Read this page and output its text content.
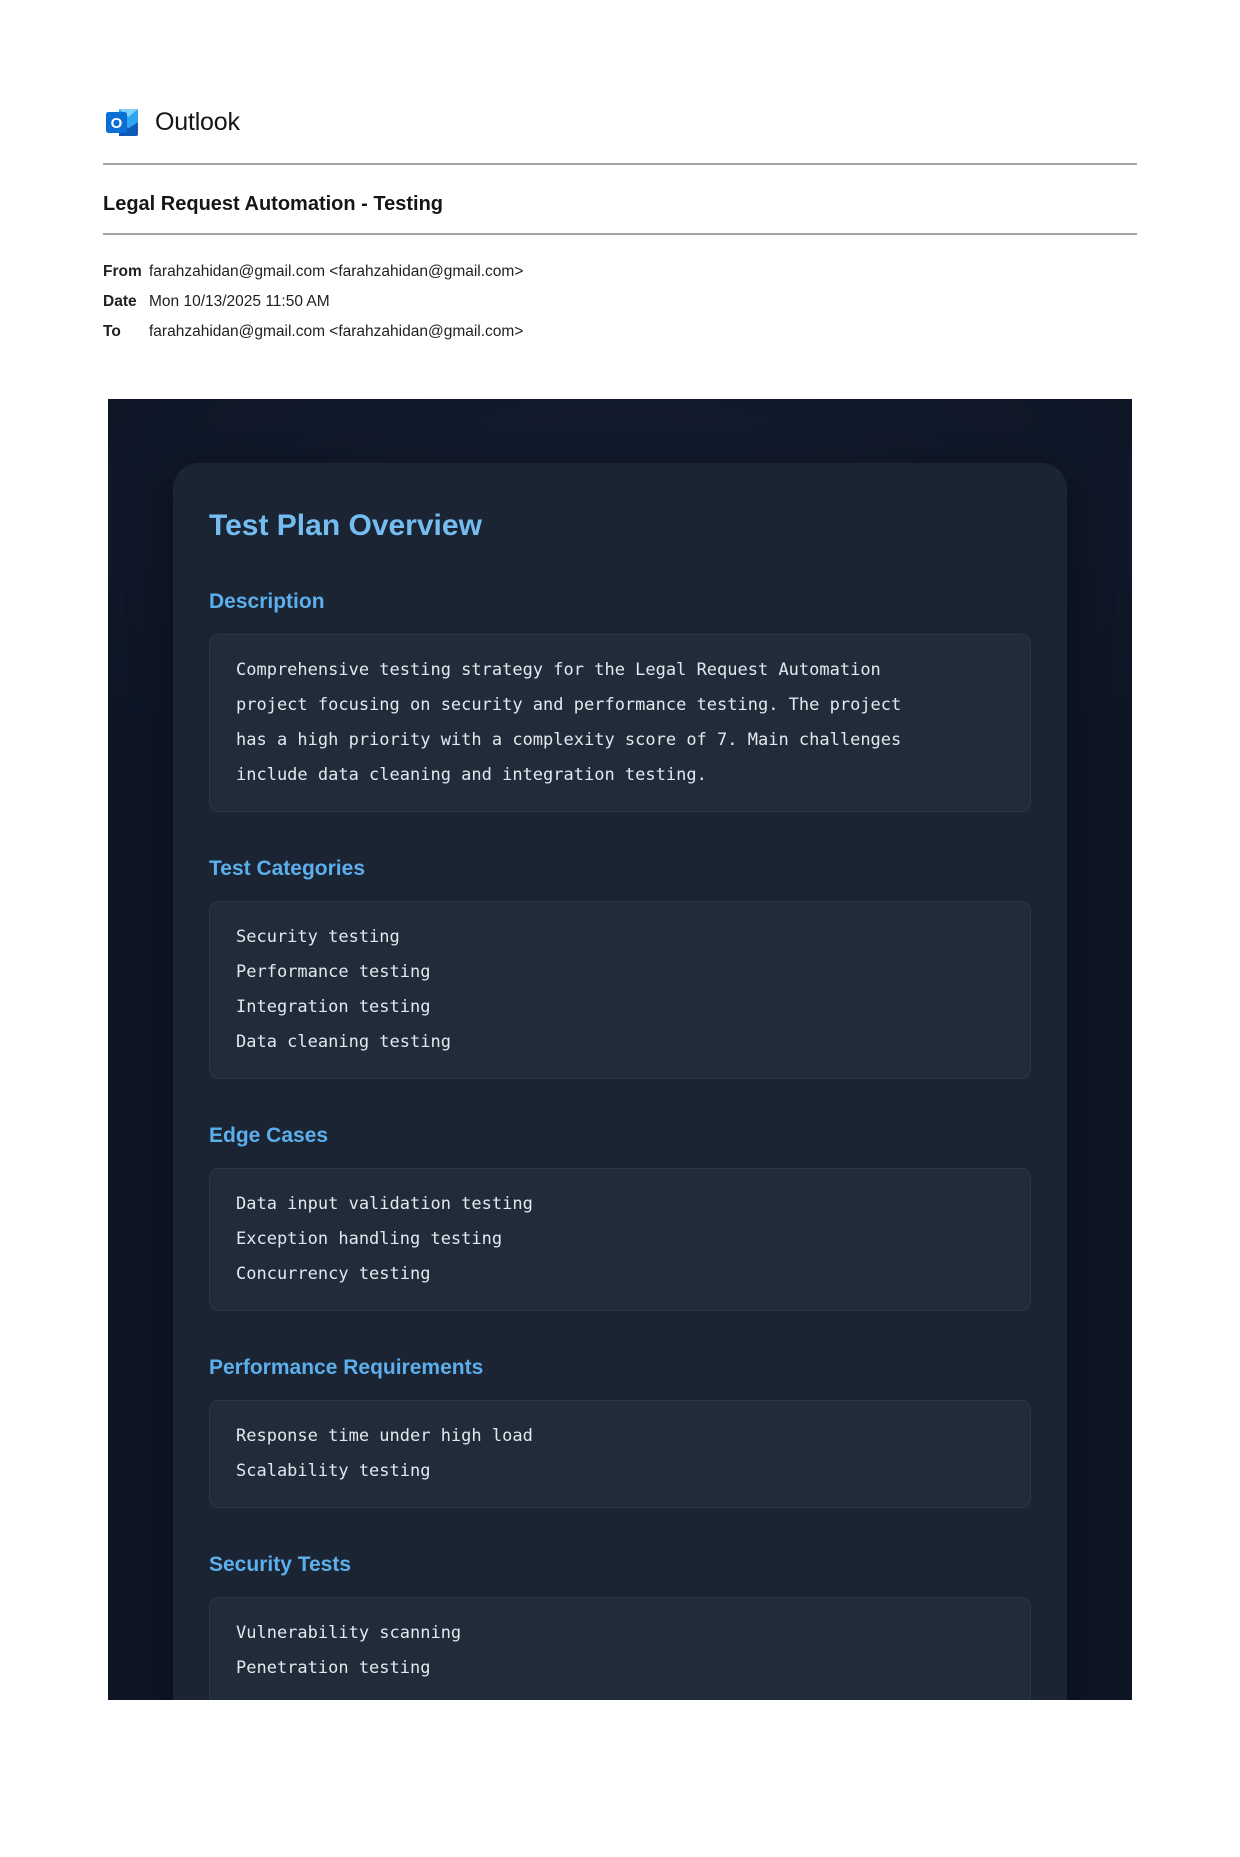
O Outlook
Legal Request Automation - Testing
From farahzahidan@gmail.com <farahzahidan@gmail.com>
Date Mon 10/13/2025 11:50 AM
To	farahzahidan@gmail.com <farahzahidan@gmail.com>
Test Plan Overview
Description

Comprehensive testing strategy for the Legal Request Automation project focusing on security and performance testing. The project has a high priority with a complexity score of 7. Main challenges include data cleaning and integration testing.

Test Categories
Security testing
Performance testing
Integration testing
Data cleaning testing
Edge Cases
Data input validation testing
Exception handling testing
Concurrency testing
Performance Requirements
Response time under high load
Scalability testing
Security Tests
Vulnerability scanning
Penetration testing
